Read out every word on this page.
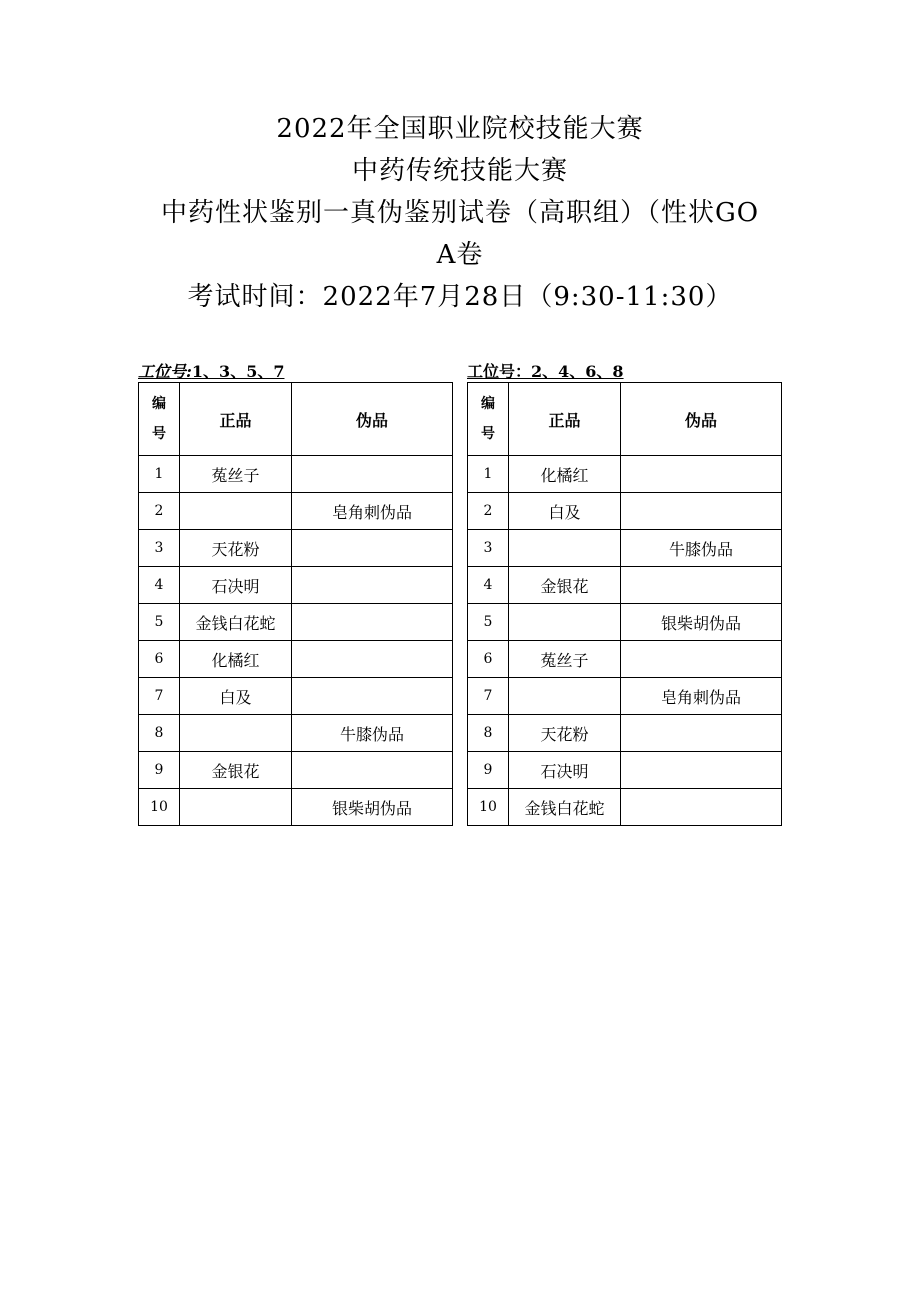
2022年全国职业院校技能大赛
中药传统技能大赛
中药性状鉴别一真伪鉴别试卷（高职组）（性状GO
A卷
考试时间：2022年7月28日（9:30-11:30）
工位号:1、3、5、7
编
号	正品	伪品
1	菟丝子	
2		皂角刺伪品
3	天花粉	
4	石决明	
5	金钱白花蛇	
6	化橘红	
7	白及	
8		牛膝伪品
9	金银花	
10		银柴胡伪品
工位号：2、4、6、8
编
号	正品	伪品
1	化橘红	
2	白及	
3		牛膝伪品
4	金银花	
5		银柴胡伪品
6	菟丝子	
7		皂角刺伪品
8	天花粉	
9	石决明	
10	金钱白花蛇	
